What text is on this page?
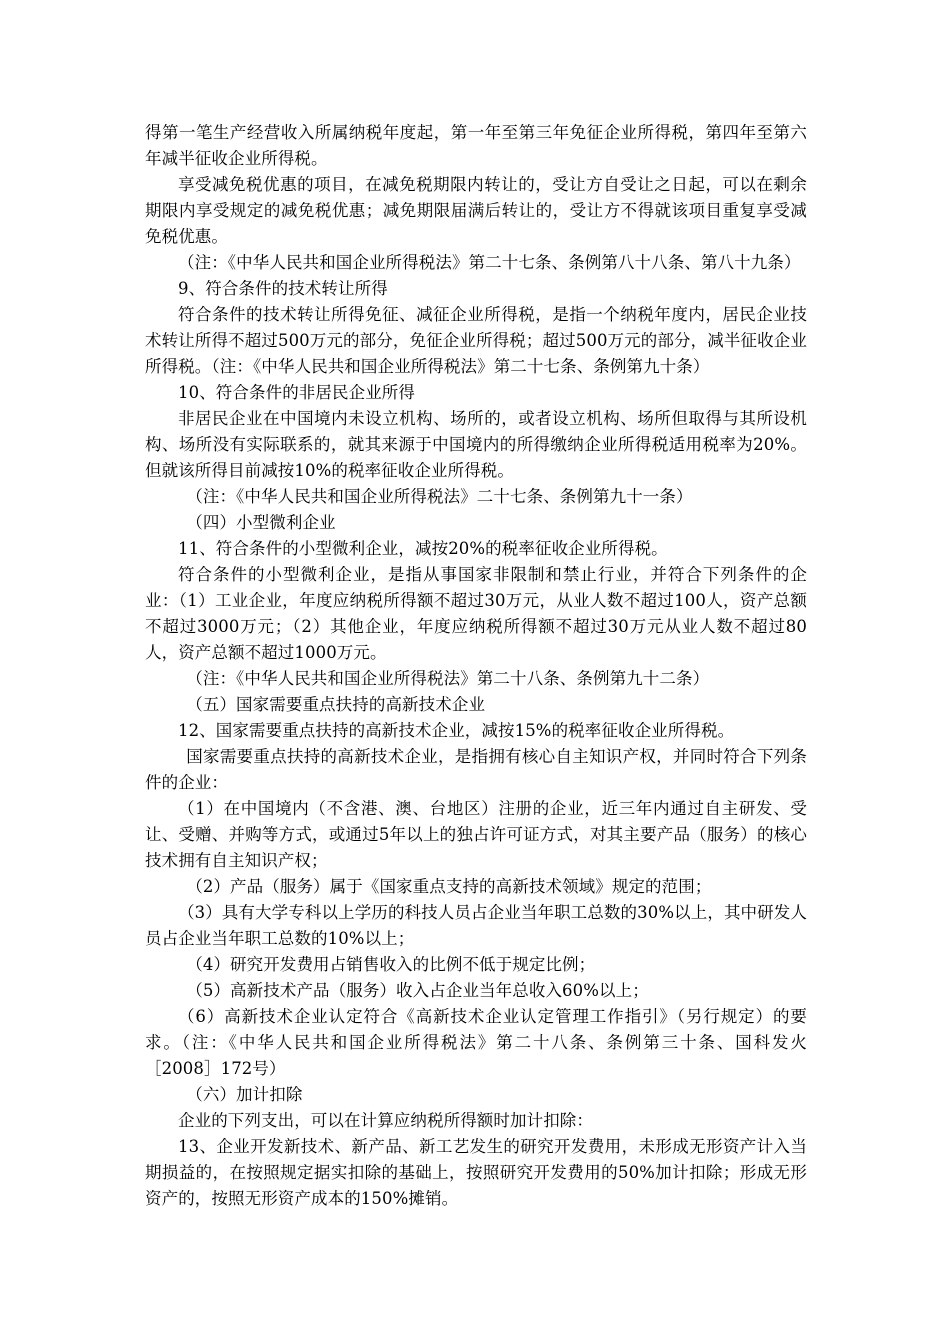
得第一笔生产经营收入所属纳税年度起，第一年至第三年免征企业所得税，第四年至第六年减半征收企业所得税。

享受减免税优惠的项目，在减免税期限内转让的，受让方自受让之日起，可以在剩余期限内享受规定的减免税优惠；减免期限届满后转让的，受让方不得就该项目重复享受减免税优惠。

（注：《中华人民共和国企业所得税法》第二十七条、条例第八十八条、第八十九条）

9、符合条件的技术转让所得

符合条件的技术转让所得免征、减征企业所得税，是指一个纳税年度内，居民企业技术转让所得不超过500万元的部分，免征企业所得税；超过500万元的部分，减半征收企业所得税。（注：《中华人民共和国企业所得税法》第二十七条、条例第九十条）

10、符合条件的非居民企业所得

非居民企业在中国境内未设立机构、场所的，或者设立机构、场所但取得与其所设机构、场所没有实际联系的，就其来源于中国境内的所得缴纳企业所得税适用税率为20%。但就该所得目前减按10%的税率征收企业所得税。

（注：《中华人民共和国企业所得税法》二十七条、条例第九十一条）

（四）小型微利企业

11、符合条件的小型微利企业，减按20%的税率征收企业所得税。

符合条件的小型微利企业，是指从事国家非限制和禁止行业，并符合下列条件的企业：（1）工业企业，年度应纳税所得额不超过30万元，从业人数不超过100人，资产总额不超过3000万元；（2）其他企业，年度应纳税所得额不超过30万元从业人数不超过80人，资产总额不超过1000万元。

（注：《中华人民共和国企业所得税法》第二十八条、条例第九十二条）

（五）国家需要重点扶持的高新技术企业

12、国家需要重点扶持的高新技术企业，减按15%的税率征收企业所得税。

国家需要重点扶持的高新技术企业，是指拥有核心自主知识产权，并同时符合下列条件的企业：

（1）在中国境内（不含港、澳、台地区）注册的企业，近三年内通过自主研发、受让、受赠、并购等方式，或通过5年以上的独占许可证方式，对其主要产品（服务）的核心技术拥有自主知识产权；

（2）产品（服务）属于《国家重点支持的高新技术领域》规定的范围；

（3）具有大学专科以上学历的科技人员占企业当年职工总数的30%以上，其中研发人员占企业当年职工总数的10%以上；

（4）研究开发费用占销售收入的比例不低于规定比例；

（5）高新技术产品（服务）收入占企业当年总收入60%以上；

（6）高新技术企业认定符合《高新技术企业认定管理工作指引》（另行规定）的要求。（注：《中华人民共和国企业所得税法》第二十八条、条例第三十条、国科发火［2008］172号）

（六）加计扣除

企业的下列支出，可以在计算应纳税所得额时加计扣除：

13、企业开发新技术、新产品、新工艺发生的研究开发费用，未形成无形资产计入当期损益的，在按照规定据实扣除的基础上，按照研究开发费用的50%加计扣除；形成无形资产的，按照无形资产成本的150%摊销。
